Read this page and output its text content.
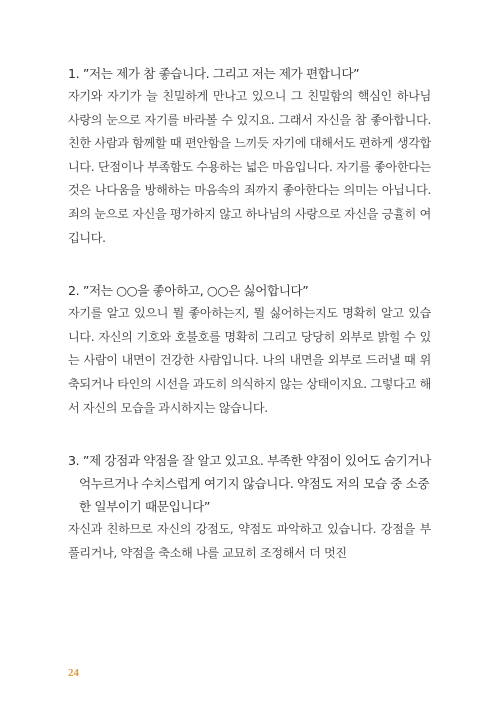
1. ”저는 제가 참 좋습니다. 그리고 저는 제가 편합니다”
자기와 자기가 늘 친밀하게 만나고 있으니 그 친밀함의 핵심인 하나님 사랑의 눈으로 자기를 바라볼 수 있지요. 그래서 자신을 참 좋아합니다. 친한 사람과 함께할 때 편안함을 느끼듯 자기에 대해서도 편하게 생각합니다. 단점이나 부족함도 수용하는 넓은 마음입니다. 자기를 좋아한다는 것은 나다움을 방해하는 마음속의 죄까지 좋아한다는 의미는 아닙니다. 죄의 눈으로 자신을 평가하지 않고 하나님의 사랑으로 자신을 긍휼히 여깁니다.
2. ”저는 ○○을 좋아하고, ○○은 싫어합니다”
자기를 알고 있으니 뭘 좋아하는지, 뭘 싫어하는지도 명확히 알고 있습니다. 자신의 기호와 호불호를 명확히 그리고 당당히 외부로 밝힐 수 있는 사람이 내면이 건강한 사람입니다. 나의 내면을 외부로 드러낼 때 위축되거나 타인의 시선을 과도히 의식하지 않는 상태이지요. 그렇다고 해서 자신의 모습을 과시하지는 않습니다.
3. ”제 강점과 약점을 잘 알고 있고요. 부족한 약점이 있어도 숨기거나 억누르거나 수치스럽게 여기지 않습니다. 약점도 저의 모습 중 소중한 일부이기 때문입니다”
자신과 친하므로 자신의 강점도, 약점도 파악하고 있습니다. 강점을 부풀리거나, 약점을 축소해 나를 교묘히 조정해서 더 멋진
24
